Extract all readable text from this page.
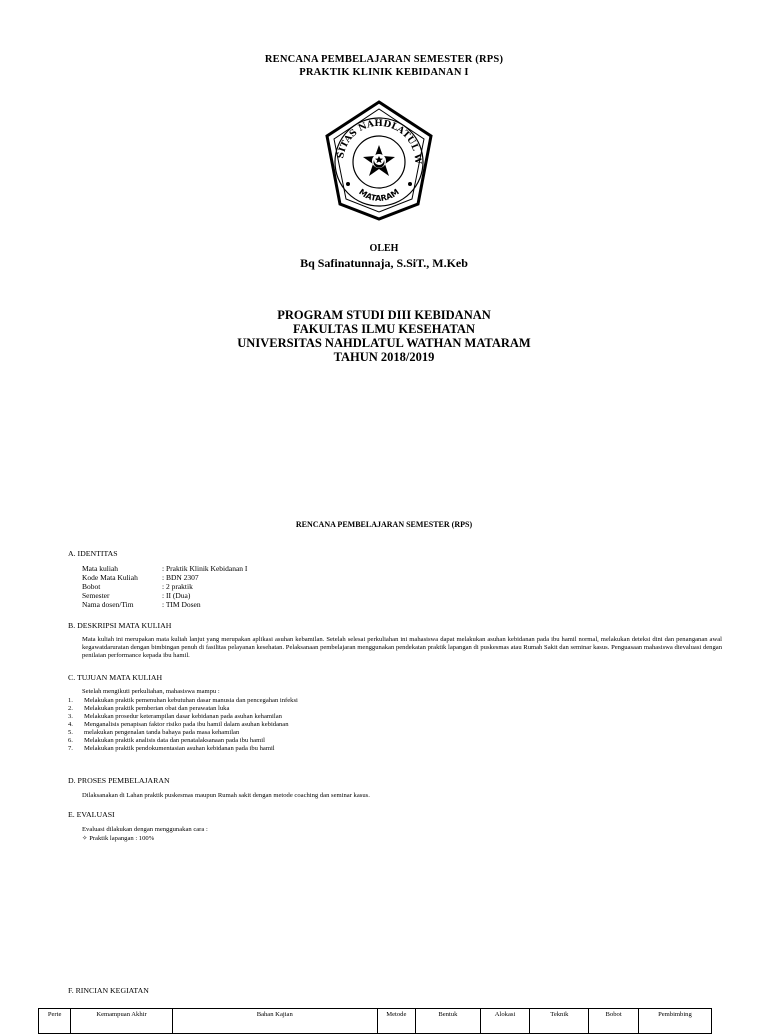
RENCANA PEMBELAJARAN SEMESTER (RPS)
PRAKTIK KLINIK KEBIDANAN I
SITAS NAHDLATUL W
MATARAM
OLEH
Bq Safinatunnaja, S.SiT., M.Keb
PROGRAM STUDI DIII KEBIDANAN
FAKULTAS ILMU KESEHATAN
UNIVERSITAS NAHDLATUL WATHAN MATARAM
TAHUN 2018/2019
RENCANA PEMBELAJARAN SEMESTER (RPS)
A. IDENTITAS
Mata kuliah	: Praktik Klinik Kebidanan I
Kode Mata Kuliah	: BDN 2307
Bobot	: 2 praktik
Semester	: II (Dua)
Nama dosen/Tim	: TIM Dosen
B. DESKRIPSI MATA KULIAH
Mata kuliah ini merupakan mata kuliah lanjut yang merupakan aplikasi asuhan kebamilan. Setelah selesai perkuliahan ini mahasiswa dapat melakukan asuhan kebidanan pada ibu hamil normal, melakukan deteksi dini dan penanganan awal kegawatdaruratan dengan bimbingan penuh di fasilitas pelayanan kesehatan. Pelaksanaan pembelajaran menggunakan pendekatan praktik lapangan di puskesmas atau Rumah Sakit dan seminar kasus. Penguasaan mahasiswa dievaluasi dengan penilaian performance kepada ibu hamil.
C. TUJUAN MATA KULIAH
Setelah mengikuti perkuliahan, mahasiswa mampu :
1. Melakukan praktik pemenuhan kebutuhan dasar manusia dan pencegahan infeksi
2. Melakukan praktik pemberian obat dan perawatan luka
3. Melakukan prosedur keterampilan dasar kebidanan pada asuhan kehamilan
4. Menganalisis penapisan faktor risiko pada ibu hamil dalam asuhan kebidanan
5. melakukan pengenalan tanda bahaya pada masa kehamilan
6. Melakukan praktik analisis data dan penatalaksanaan pada ibu hamil
7. Melakukan praktik pendokumentasian asuhan kebidanan pada ibu hamil
D. PROSES PEMBELAJARAN
Dilaksanakan di Lahan praktik puskesmas maupun Rumah sakit dengan metode coaching dan seminar kasus.
E. EVALUASI
Evaluasi dilakukan dengan menggunakan cara :
✧ Praktik lapangan : 100%
F. RINCIAN KEGIATAN
Perte	Kemampuan Akhir	Bahan Kajian	Metode	Bentuk	Alokasi	Teknik	Bobot	Pembimbing
